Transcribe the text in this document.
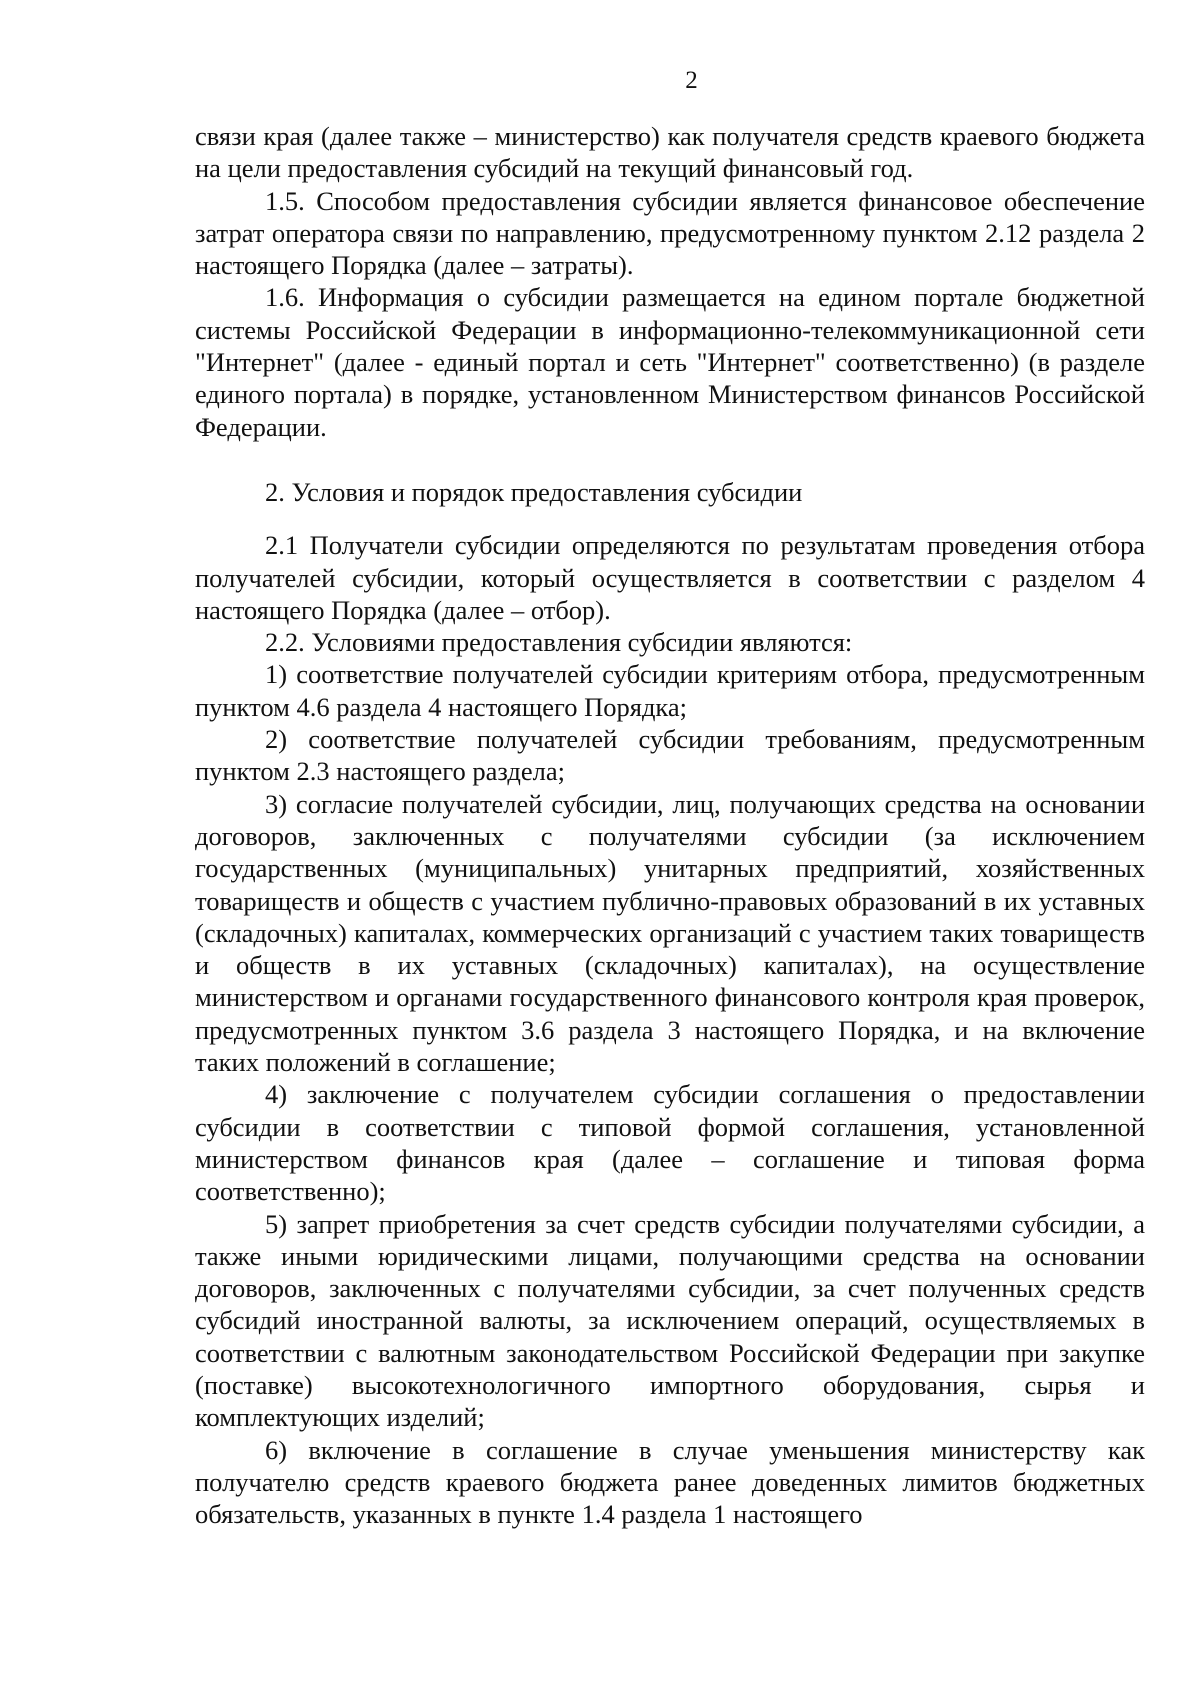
2

связи края (далее также – министерство) как получателя средств краевого бюджета на цели предоставления субсидий на текущий финансовый год.

1.5. Способом предоставления субсидии является финансовое обеспечение затрат оператора связи по направлению, предусмотренному пунктом 2.12 раздела 2 настоящего Порядка (далее – затраты).

1.6. Информация о субсидии размещается на едином портале бюджетной системы Российской Федерации в информационно-телекоммуникационной сети "Интернет" (далее - единый портал и сеть "Интернет" соответственно) (в разделе единого портала) в порядке, установленном Министерством финансов Российской Федерации.

2. Условия и порядок предоставления субсидии

2.1 Получатели субсидии определяются по результатам проведения отбора получателей субсидии, который осуществляется в соответствии с разделом 4 настоящего Порядка (далее – отбор).

2.2. Условиями предоставления субсидии являются:

1) соответствие получателей субсидии критериям отбора, предусмотренным пунктом 4.6 раздела 4 настоящего Порядка;

2) соответствие получателей субсидии требованиям, предусмотренным пунктом 2.3 настоящего раздела;

3) согласие получателей субсидии, лиц, получающих средства на основании договоров, заключенных с получателями субсидии (за исключением государственных (муниципальных) унитарных предприятий, хозяйственных товариществ и обществ с участием публично-правовых образований в их уставных (складочных) капиталах, коммерческих организаций с участием таких товариществ и обществ в их уставных (складочных) капиталах), на осуществление министерством и органами государственного финансового контроля края проверок, предусмотренных пунктом 3.6 раздела 3 настоящего Порядка, и на включение таких положений в соглашение;

4) заключение с получателем субсидии соглашения о предоставлении субсидии в соответствии с типовой формой соглашения, установленной министерством финансов края (далее – соглашение и типовая форма соответственно);

5) запрет приобретения за счет средств субсидии получателями субсидии, а также иными юридическими лицами, получающими средства на основании договоров, заключенных с получателями субсидии, за счет полученных средств субсидий иностранной валюты, за исключением операций, осуществляемых в соответствии с валютным законодательством Российской Федерации при закупке (поставке) высокотехнологичного импортного оборудования, сырья и комплектующих изделий;

6) включение в соглашение в случае уменьшения министерству как получателю средств краевого бюджета ранее доведенных лимитов бюджетных обязательств, указанных в пункте 1.4 раздела 1 настоящего
